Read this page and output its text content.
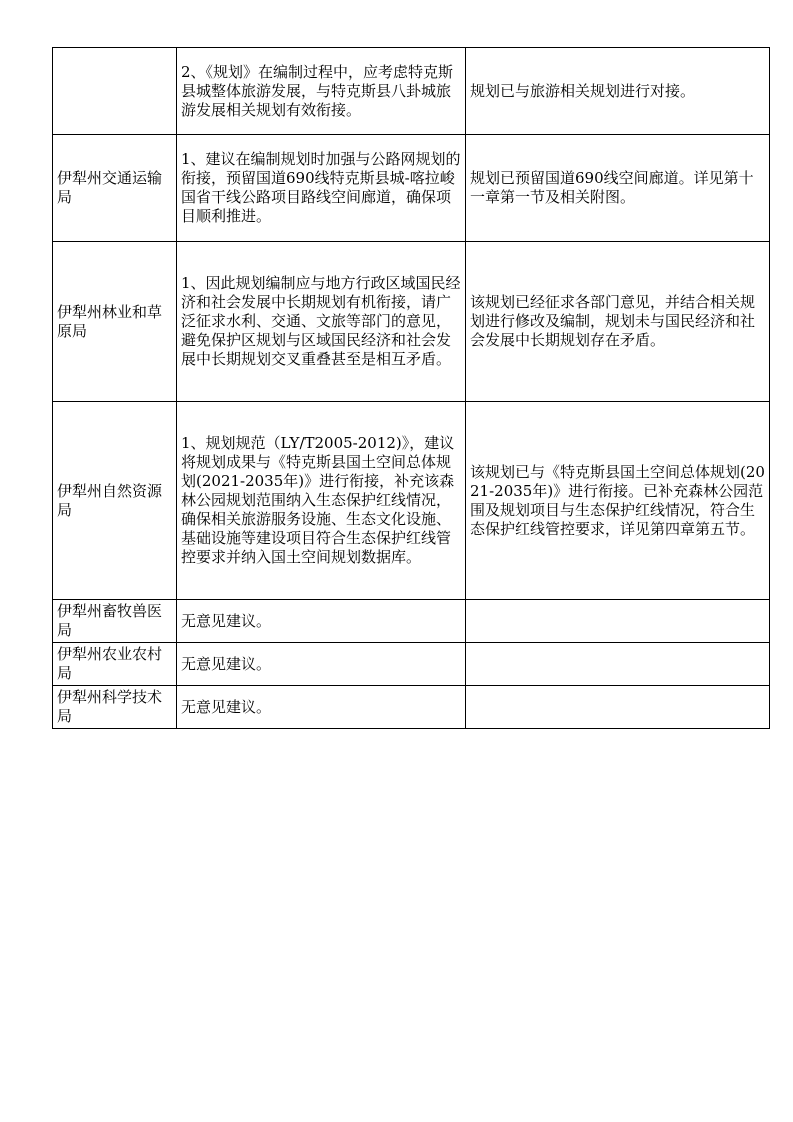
	2、《规划》在编制过程中，应考虑特克斯县城整体旅游发展，与特克斯县八卦城旅游发展相关规划有效衔接。	规划已与旅游相关规划进行对接。
伊犁州交通运输局	1、建议在编制规划时加强与公路网规划的衔接，预留国道690线特克斯县城-喀拉峻国省干线公路项目路线空间廊道，确保项目顺利推进。	规划已预留国道690线空间廊道。详见第十一章第一节及相关附图。
伊犁州林业和草原局	1、因此规划编制应与地方行政区域国民经济和社会发展中长期规划有机衔接，请广泛征求水利、交通、文旅等部门的意见，避免保护区规划与区域国民经济和社会发展中长期规划交叉重叠甚至是相互矛盾。	该规划已经征求各部门意见，并结合相关规划进行修改及编制，规划未与国民经济和社会发展中长期规划存在矛盾。
伊犁州自然资源局	1、规划规范（LY/T2005-2012)》，建议将规划成果与《特克斯县国土空间总体规划(2021-2035年)》进行衔接，补充该森林公园规划范围纳入生态保护红线情况，确保相关旅游服务设施、生态文化设施、基础设施等建设项目符合生态保护红线管控要求并纳入国土空间规划数据库。	该规划已与《特克斯县国土空间总体规划(2021-2035年)》进行衔接。已补充森林公园范围及规划项目与生态保护红线情况，符合生态保护红线管控要求，详见第四章第五节。
伊犁州畜牧兽医局	无意见建议。	
伊犁州农业农村局	无意见建议。	
伊犁州科学技术局	无意见建议。	
